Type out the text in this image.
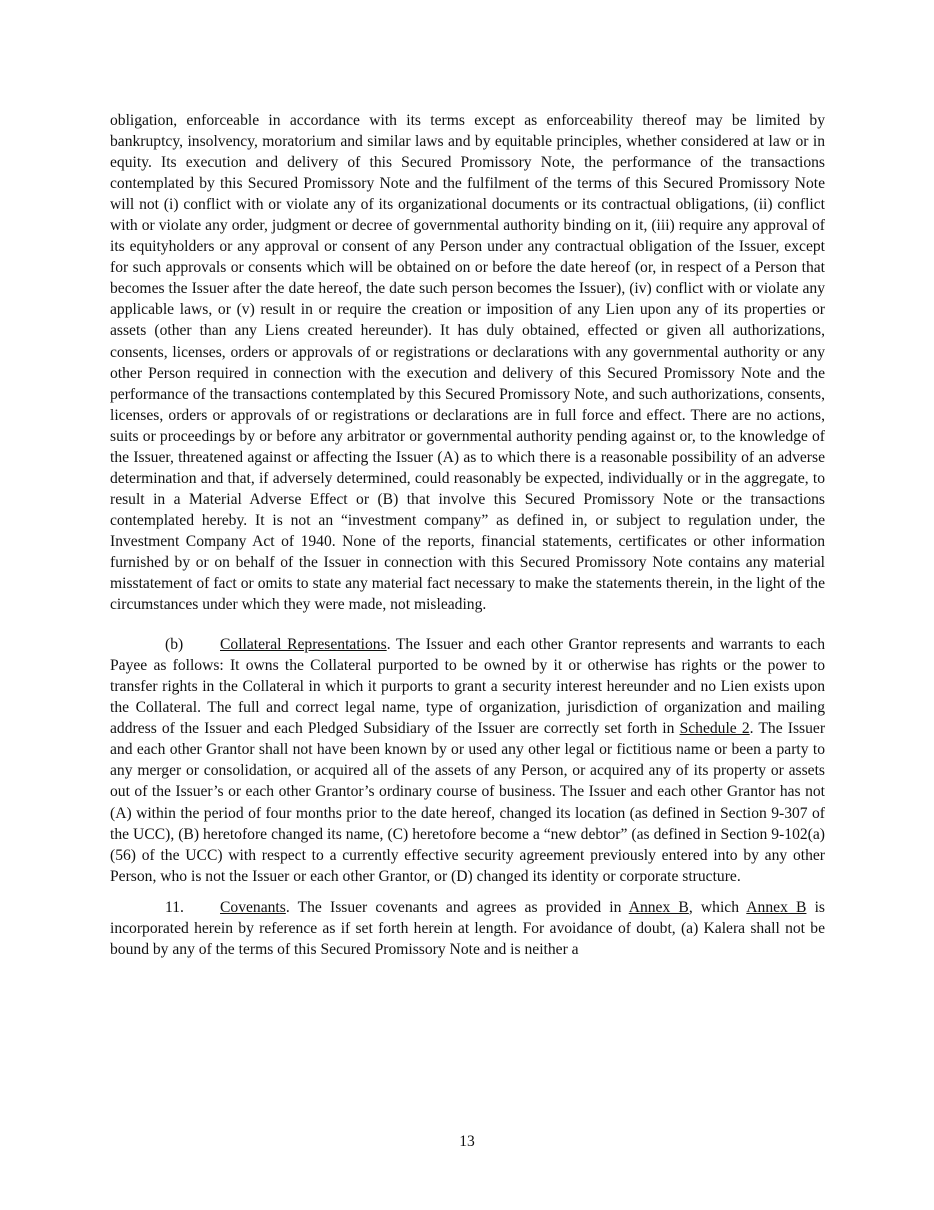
obligation, enforceable in accordance with its terms except as enforceability thereof may be limited by bankruptcy, insolvency, moratorium and similar laws and by equitable principles, whether considered at law or in equity. Its execution and delivery of this Secured Promissory Note, the performance of the transactions contemplated by this Secured Promissory Note and the fulfilment of the terms of this Secured Promissory Note will not (i) conflict with or violate any of its organizational documents or its contractual obligations, (ii) conflict with or violate any order, judgment or decree of governmental authority binding on it, (iii) require any approval of its equityholders or any approval or consent of any Person under any contractual obligation of the Issuer, except for such approvals or consents which will be obtained on or before the date hereof (or, in respect of a Person that becomes the Issuer after the date hereof, the date such person becomes the Issuer), (iv) conflict with or violate any applicable laws, or (v) result in or require the creation or imposition of any Lien upon any of its properties or assets (other than any Liens created hereunder). It has duly obtained, effected or given all authorizations, consents, licenses, orders or approvals of or registrations or declarations with any governmental authority or any other Person required in connection with the execution and delivery of this Secured Promissory Note and the performance of the transactions contemplated by this Secured Promissory Note, and such authorizations, consents, licenses, orders or approvals of or registrations or declarations are in full force and effect. There are no actions, suits or proceedings by or before any arbitrator or governmental authority pending against or, to the knowledge of the Issuer, threatened against or affecting the Issuer (A) as to which there is a reasonable possibility of an adverse determination and that, if adversely determined, could reasonably be expected, individually or in the aggregate, to result in a Material Adverse Effect or (B) that involve this Secured Promissory Note or the transactions contemplated hereby. It is not an “investment company” as defined in, or subject to regulation under, the Investment Company Act of 1940. None of the reports, financial statements, certificates or other information furnished by or on behalf of the Issuer in connection with this Secured Promissory Note contains any material misstatement of fact or omits to state any material fact necessary to make the statements therein, in the light of the circumstances under which they were made, not misleading.

(b) Collateral Representations. The Issuer and each other Grantor represents and warrants to each Payee as follows: It owns the Collateral purported to be owned by it or otherwise has rights or the power to transfer rights in the Collateral in which it purports to grant a security interest hereunder and no Lien exists upon the Collateral. The full and correct legal name, type of organization, jurisdiction of organization and mailing address of the Issuer and each Pledged Subsidiary of the Issuer are correctly set forth in Schedule 2. The Issuer and each other Grantor shall not have been known by or used any other legal or fictitious name or been a party to any merger or consolidation, or acquired all of the assets of any Person, or acquired any of its property or assets out of the Issuer’s or each other Grantor’s ordinary course of business. The Issuer and each other Grantor has not (A) within the period of four months prior to the date hereof, changed its location (as defined in Section 9-307 of the UCC), (B) heretofore changed its name, (C) heretofore become a “new debtor” (as defined in Section 9-102(a)(56) of the UCC) with respect to a currently effective security agreement previously entered into by any other Person, who is not the Issuer or each other Grantor, or (D) changed its identity or corporate structure.

11. Covenants. The Issuer covenants and agrees as provided in Annex B, which Annex B is incorporated herein by reference as if set forth herein at length. For avoidance of doubt, (a) Kalera shall not be bound by any of the terms of this Secured Promissory Note and is neither a

13
